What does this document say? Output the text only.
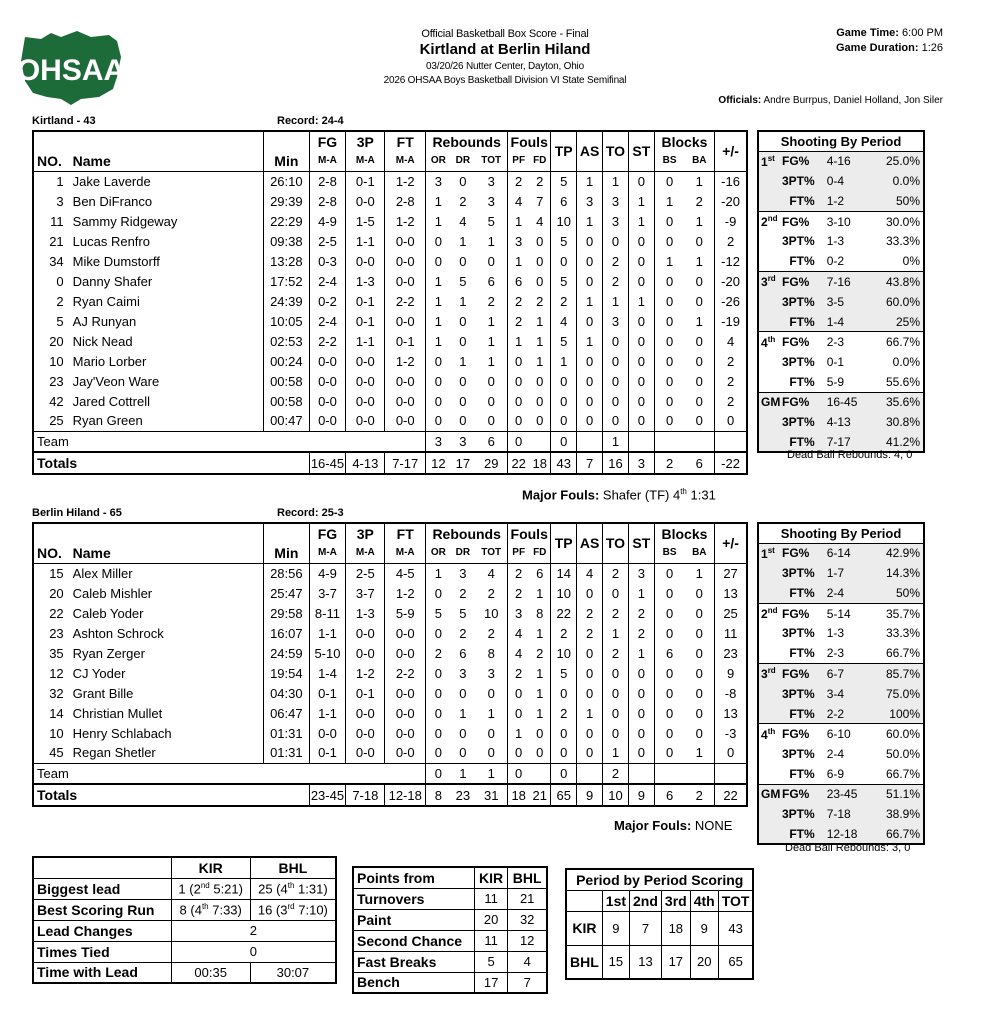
OHSAA
Official Basketball Box Score - Final
Kirtland at Berlin Hiland
03/20/26 Nutter Center, Dayton, Ohio
2026 OHSAA Boys Basketball Division VI State Semifinal
Game Time: 6:00 PM
Game Duration: 1:26
Officials: Andre Burrpus, Daniel Holland, Jon Siler
Kirtland - 43	Record: 24-4
			FG	3P	FT	Rebounds			Fouls		TP	AS	TO	ST	Blocks		+/-
NO.	Name	Min	M-A	M-A	M-A	OR	DR	TOT	PF	FD					BS	BA	
1	Jake Laverde	26:10	2-8	0-1	1-2	3	0	3	2	2	5	1	1	0	0	1	-16
3	Ben DiFranco	29:39	2-8	0-0	2-8	1	2	3	4	7	6	3	3	1	1	2	-20
11	Sammy Ridgeway	22:29	4-9	1-5	1-2	1	4	5	1	4	10	1	3	1	0	1	-9
21	Lucas Renfro	09:38	2-5	1-1	0-0	0	1	1	3	0	5	0	0	0	0	0	2
34	Mike Dumstorff	13:28	0-3	0-0	0-0	0	0	0	1	0	0	0	2	0	1	1	-12
0	Danny Shafer	17:52	2-4	1-3	0-0	1	5	6	6	0	5	0	2	0	0	0	-20
2	Ryan Caimi	24:39	0-2	0-1	2-2	1	1	2	2	2	2	1	1	1	0	0	-26
5	AJ Runyan	10:05	2-4	0-1	0-0	1	0	1	2	1	4	0	3	0	0	1	-19
20	Nick Nead	02:53	2-2	1-1	0-1	1	0	1	1	1	5	1	0	0	0	0	4
10	Mario Lorber	00:24	0-0	0-0	1-2	0	1	1	0	1	1	0	0	0	0	0	2
23	Jay'Veon Ware	00:58	0-0	0-0	0-0	0	0	0	0	0	0	0	0	0	0	0	2
42	Jared Cottrell	00:58	0-0	0-0	0-0	0	0	0	0	0	0	0	0	0	0	0	2
25	Ryan Green	00:47	0-0	0-0	0-0	0	0	0	0	0	0	0	0	0	0	0	0
Team						3	3	6	0		0		1				
Totals			16-45	4-13	7-17	12	17	29	22	18	43	7	16	3	2	6	-22
Major Fouls: Shafer (TF) 4th 1:31
Shooting By Period			
1st	FG%	4-16	25.0%
	3PT%	0-4	0.0%
	FT%	1-2	50%
2nd	FG%	3-10	30.0%
	3PT%	1-3	33.3%
	FT%	0-2	0%
3rd	FG%	7-16	43.8%
	3PT%	3-5	60.0%
	FT%	1-4	25%
4th	FG%	2-3	66.7%
	3PT%	0-1	0.0%
	FT%	5-9	55.6%
GM	FG%	16-45	35.6%
	3PT%	4-13	30.8%
	FT%	7-17	41.2%
Dead Ball Rebounds: 4, 0
Berlin Hiland - 65	Record: 25-3
			FG	3P	FT	Rebounds			Fouls		TP	AS	TO	ST	Blocks		+/-
NO.	Name	Min	M-A	M-A	M-A	OR	DR	TOT	PF	FD					BS	BA	
15	Alex Miller	28:56	4-9	2-5	4-5	1	3	4	2	6	14	4	2	3	0	1	27
20	Caleb Mishler	25:47	3-7	3-7	1-2	0	2	2	2	1	10	0	0	1	0	0	13
22	Caleb Yoder	29:58	8-11	1-3	5-9	5	5	10	3	8	22	2	2	2	0	0	25
23	Ashton Schrock	16:07	1-1	0-0	0-0	0	2	2	4	1	2	2	1	2	0	0	11
35	Ryan Zerger	24:59	5-10	0-0	0-0	2	6	8	4	2	10	0	2	1	6	0	23
12	CJ Yoder	19:54	1-4	1-2	2-2	0	3	3	2	1	5	0	0	0	0	0	9
32	Grant Bille	04:30	0-1	0-1	0-0	0	0	0	0	1	0	0	0	0	0	0	-8
14	Christian Mullet	06:47	1-1	0-0	0-0	0	1	1	0	1	2	1	0	0	0	0	13
10	Henry Schlabach	01:31	0-0	0-0	0-0	0	0	0	1	0	0	0	0	0	0	0	-3
45	Regan Shetler	01:31	0-1	0-0	0-0	0	0	0	0	0	0	0	1	0	0	1	0
Team						0	1	1	0		0		2				
Totals			23-45	7-18	12-18	8	23	31	18	21	65	9	10	9	6	2	22
Major Fouls: NONE
Shooting By Period			
1st	FG%	6-14	42.9%
	3PT%	1-7	14.3%
	FT%	2-4	50%
2nd	FG%	5-14	35.7%
	3PT%	1-3	33.3%
	FT%	2-3	66.7%
3rd	FG%	6-7	85.7%
	3PT%	3-4	75.0%
	FT%	2-2	100%
4th	FG%	6-10	60.0%
	3PT%	2-4	50.0%
	FT%	6-9	66.7%
GM	FG%	23-45	51.1%
	3PT%	7-18	38.9%
	FT%	12-18	66.7%
Dead Ball Rebounds: 3, 0
	KIR	BHL
Biggest lead	1 (2nd 5:21)	25 (4th 1:31)
Best Scoring Run	8 (4th 7:33)	16 (3rd 7:10)
Lead Changes	2	
Times Tied	0	
Time with Lead	00:35	30:07
Points from	KIR	BHL
Turnovers	11	21
Paint	20	32
Second Chance	11	12
Fast Breaks	5	4
Bench	17	7
Period by Period Scoring					
	1st	2nd	3rd	4th	TOT
KIR	9	7	18	9	43
BHL	15	13	17	20	65
